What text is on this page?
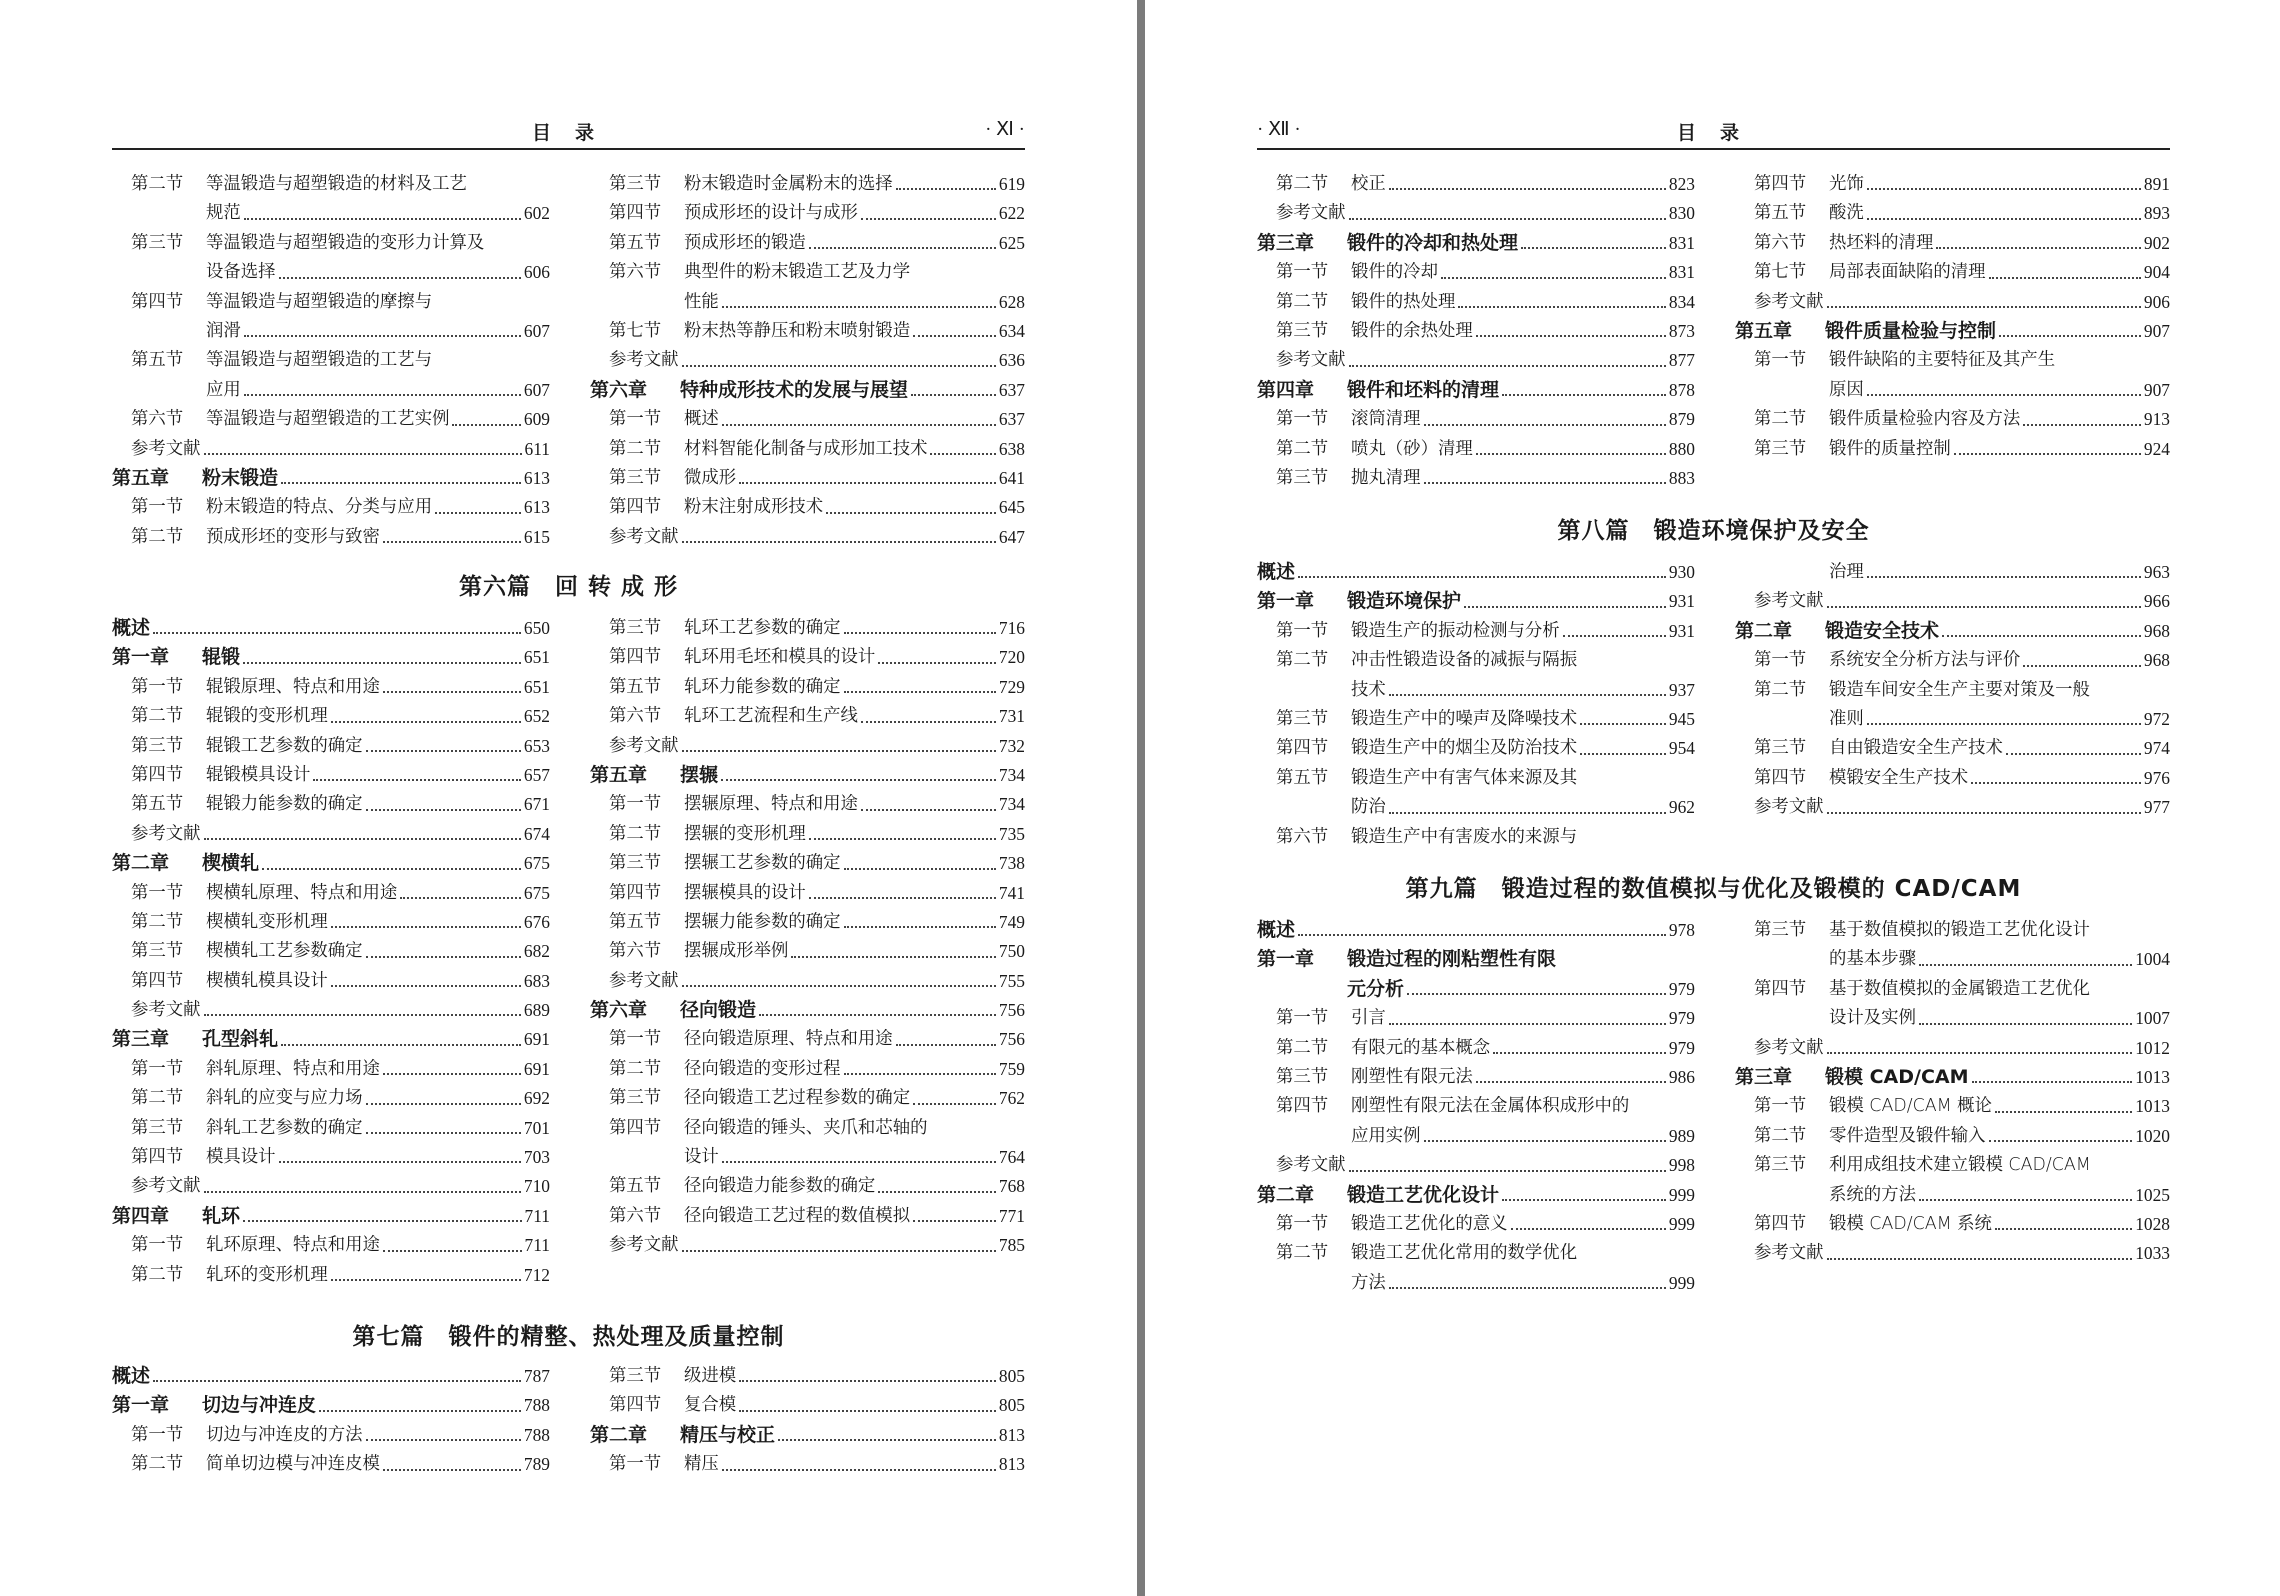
目录	· Ⅺ ·
第二节	等温锻造与超塑锻造的材料及工艺
规范	602
第三节	等温锻造与超塑锻造的变形力计算及
设备选择	606
第四节	等温锻造与超塑锻造的摩擦与
润滑	607
第五节	等温锻造与超塑锻造的工艺与
应用	607
第六节	等温锻造与超塑锻造的工艺实例	609
参考文献	611
第五章	粉末锻造	613
第一节	粉末锻造的特点、分类与应用	613
第二节	预成形坯的变形与致密	615
第三节	粉末锻造时金属粉末的选择	619
第四节	预成形坯的设计与成形	622
第五节	预成形坯的锻造	625
第六节	典型件的粉末锻造工艺及力学
性能	628
第七节	粉末热等静压和粉末喷射锻造	634
参考文献	636
第六章	特种成形技术的发展与展望	637
第一节	概述	637
第二节	材料智能化制备与成形加工技术	638
第三节	微成形	641
第四节	粉末注射成形技术	645
参考文献	647
第六篇　回 转 成 形
概述	650
第一章	辊锻	651
第一节	辊锻原理、特点和用途	651
第二节	辊锻的变形机理	652
第三节	辊锻工艺参数的确定	653
第四节	辊锻模具设计	657
第五节	辊锻力能参数的确定	671
参考文献	674
第二章	楔横轧	675
第一节	楔横轧原理、特点和用途	675
第二节	楔横轧变形机理	676
第三节	楔横轧工艺参数确定	682
第四节	楔横轧模具设计	683
参考文献	689
第三章	孔型斜轧	691
第一节	斜轧原理、特点和用途	691
第二节	斜轧的应变与应力场	692
第三节	斜轧工艺参数的确定	701
第四节	模具设计	703
参考文献	710
第四章	轧环	711
第一节	轧环原理、特点和用途	711
第二节	轧环的变形机理	712
第三节	轧环工艺参数的确定	716
第四节	轧环用毛坯和模具的设计	720
第五节	轧环力能参数的确定	729
第六节	轧环工艺流程和生产线	731
参考文献	732
第五章	摆辗	734
第一节	摆辗原理、特点和用途	734
第二节	摆辗的变形机理	735
第三节	摆辗工艺参数的确定	738
第四节	摆辗模具的设计	741
第五节	摆辗力能参数的确定	749
第六节	摆辗成形举例	750
参考文献	755
第六章	径向锻造	756
第一节	径向锻造原理、特点和用途	756
第二节	径向锻造的变形过程	759
第三节	径向锻造工艺过程参数的确定	762
第四节	径向锻造的锤头、夹爪和芯轴的
设计	764
第五节	径向锻造力能参数的确定	768
第六节	径向锻造工艺过程的数值模拟	771
参考文献	785
第七篇　锻件的精整、热处理及质量控制
概述	787
第一章	切边与冲连皮	788
第一节	切边与冲连皮的方法	788
第二节	简单切边模与冲连皮模	789
第三节	级进模	805
第四节	复合模	805
第二章	精压与校正	813
第一节	精压	813
· Ⅻ ·	目录
第二节	校正	823
参考文献	830
第三章	锻件的冷却和热处理	831
第一节	锻件的冷却	831
第二节	锻件的热处理	834
第三节	锻件的余热处理	873
参考文献	877
第四章	锻件和坯料的清理	878
第一节	滚筒清理	879
第二节	喷丸（砂）清理	880
第三节	抛丸清理	883
第四节	光饰	891
第五节	酸洗	893
第六节	热坯料的清理	902
第七节	局部表面缺陷的清理	904
参考文献	906
第五章	锻件质量检验与控制	907
第一节	锻件缺陷的主要特征及其产生
原因	907
第二节	锻件质量检验内容及方法	913
第三节	锻件的质量控制	924
第八篇　锻造环境保护及安全
概述	930
第一章	锻造环境保护	931
第一节	锻造生产的振动检测与分析	931
第二节	冲击性锻造设备的减振与隔振
技术	937
第三节	锻造生产中的噪声及降噪技术	945
第四节	锻造生产中的烟尘及防治技术	954
第五节	锻造生产中有害气体来源及其
防治	962
第六节	锻造生产中有害废水的来源与
治理	963
参考文献	966
第二章	锻造安全技术	968
第一节	系统安全分析方法与评价	968
第二节	锻造车间安全生产主要对策及一般
准则	972
第三节	自由锻造安全生产技术	974
第四节	模锻安全生产技术	976
参考文献	977
第九篇　锻造过程的数值模拟与优化及锻模的 CAD/CAM
概述	978
第一章	锻造过程的刚粘塑性有限
元分析	979
第一节	引言	979
第二节	有限元的基本概念	979
第三节	刚塑性有限元法	986
第四节	刚塑性有限元法在金属体积成形中的
应用实例	989
参考文献	998
第二章	锻造工艺优化设计	999
第一节	锻造工艺优化的意义	999
第二节	锻造工艺优化常用的数学优化
方法	999
第三节	基于数值模拟的锻造工艺优化设计
的基本步骤	1004
第四节	基于数值模拟的金属锻造工艺优化
设计及实例	1007
参考文献	1012
第三章	锻模 CAD/CAM	1013
第一节	锻模 CAD/CAM 概论	1013
第二节	零件造型及锻件输入	1020
第三节	利用成组技术建立锻模 CAD/CAM
系统的方法	1025
第四节	锻模 CAD/CAM 系统	1028
参考文献	1033
